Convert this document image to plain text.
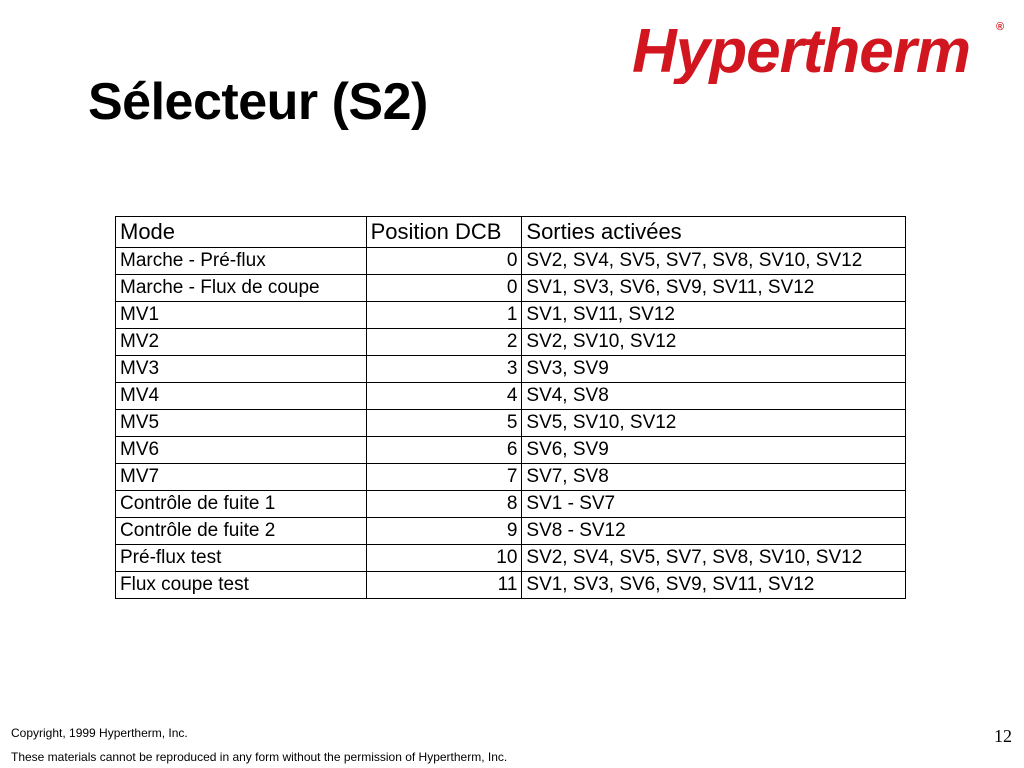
Hypertherm ®
Sélecteur (S2)
Mode	Position DCB	Sorties activées
Marche - Pré-flux	0	SV2, SV4, SV5, SV7, SV8, SV10, SV12
Marche - Flux de coupe	0	SV1, SV3, SV6, SV9, SV11, SV12
MV1	1	SV1, SV11, SV12
MV2	2	SV2, SV10, SV12
MV3	3	SV3, SV9
MV4	4	SV4, SV8
MV5	5	SV5, SV10, SV12
MV6	6	SV6, SV9
MV7	7	SV7, SV8
Contrôle de fuite 1	8	SV1 - SV7
Contrôle de fuite 2	9	SV8 - SV12
Pré-flux test	10	SV2, SV4, SV5, SV7, SV8, SV10, SV12
Flux coupe test	11	SV1, SV3, SV6, SV9, SV11, SV12
Copyright, 1999 Hypertherm, Inc.
These materials cannot be reproduced in any form without the permission of Hypertherm, Inc.
12
